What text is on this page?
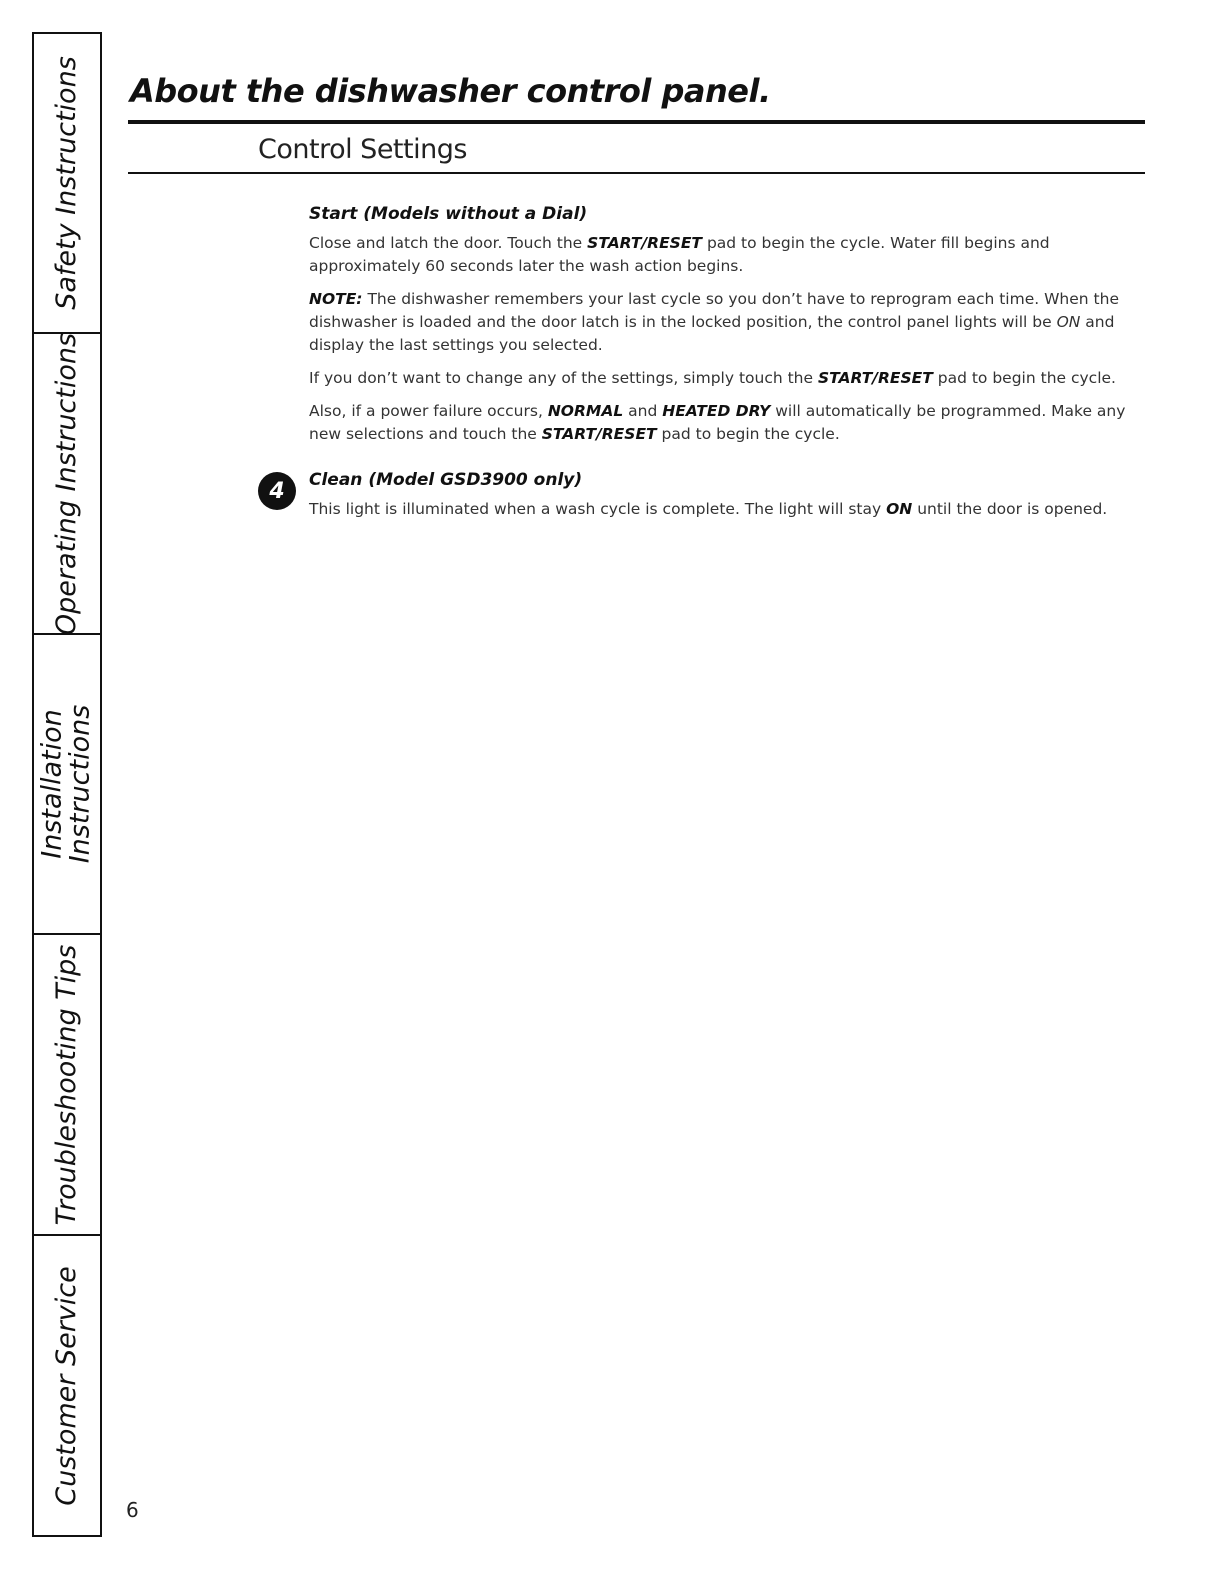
Safety Instructions
Operating Instructions
Installation
Instructions
Troubleshooting Tips
Customer Service
About the dishwasher control panel.
Control Settings
Start (Models without a Dial)

Close and latch the door. Touch the START/RESET pad to begin the cycle. Water fill begins and approximately 60 seconds later the wash action begins.

NOTE: The dishwasher remembers your last cycle so you don’t have to reprogram each time. When the dishwasher is loaded and the door latch is in the locked position, the control panel lights will be ON and display the last settings you selected.

If you don’t want to change any of the settings, simply touch the START/RESET pad to begin the cycle.

Also, if a power failure occurs, NORMAL and HEATED DRY will automatically be programmed. Make any new selections and touch the START/RESET pad to begin the cycle.

4	Clean (Model GSD3900 only)

This light is illuminated when a wash cycle is complete. The light will stay ON until the door is opened.

6
